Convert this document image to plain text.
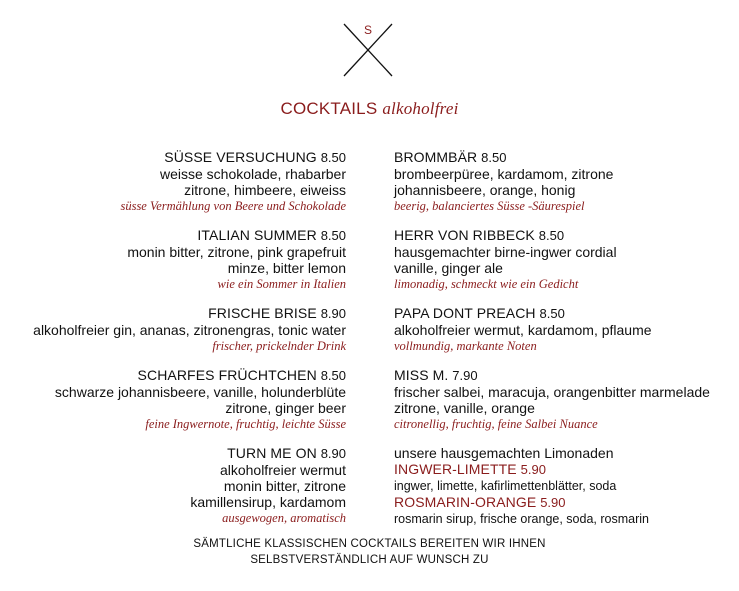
S
COCKTAILS alkoholfrei
SÜSSE VERSUCHUNG 8.50
weisse schokolade, rhabarber
zitrone, himbeere, eiweiss
süsse Vermählung von Beere und Schokolade
ITALIAN SUMMER 8.50
monin bitter, zitrone, pink grapefruit
minze, bitter lemon
wie ein Sommer in Italien
FRISCHE BRISE 8.90
alkoholfreier gin, ananas, zitronengras, tonic water
frischer, prickelnder Drink
SCHARFES FRÜCHTCHEN 8.50
schwarze johannisbeere, vanille, holunderblüte
zitrone, ginger beer
feine Ingwernote, fruchtig, leichte Süsse
TURN ME ON 8.90
alkoholfreier wermut
monin bitter, zitrone
kamillensirup, kardamom
ausgewogen, aromatisch
BROMMBÄR 8.50
brombeerpüree, kardamom, zitrone
johannisbeere, orange, honig
beerig, balanciertes Süsse -Säurespiel
HERR VON RIBBECK 8.50
hausgemachter birne-ingwer cordial
vanille, ginger ale
limonadig, schmeckt wie ein Gedicht
PAPA DONT PREACH 8.50
alkoholfreier wermut, kardamom, pflaume
vollmundig, markante Noten
MISS M. 7.90
frischer salbei, maracuja, orangenbitter marmelade
zitrone, vanille, orange
citronellig, fruchtig, feine Salbei Nuance
unsere hausgemachten Limonaden
INGWER-LIMETTE 5.90
ingwer, limette, kafirlimettenblätter, soda
ROSMARIN-ORANGE 5.90
rosmarin sirup, frische orange, soda, rosmarin
SÄMTLICHE KLASSISCHEN COCKTAILS BEREITEN WIR IHNEN
SELBSTVERSTÄNDLICH AUF WUNSCH ZU
